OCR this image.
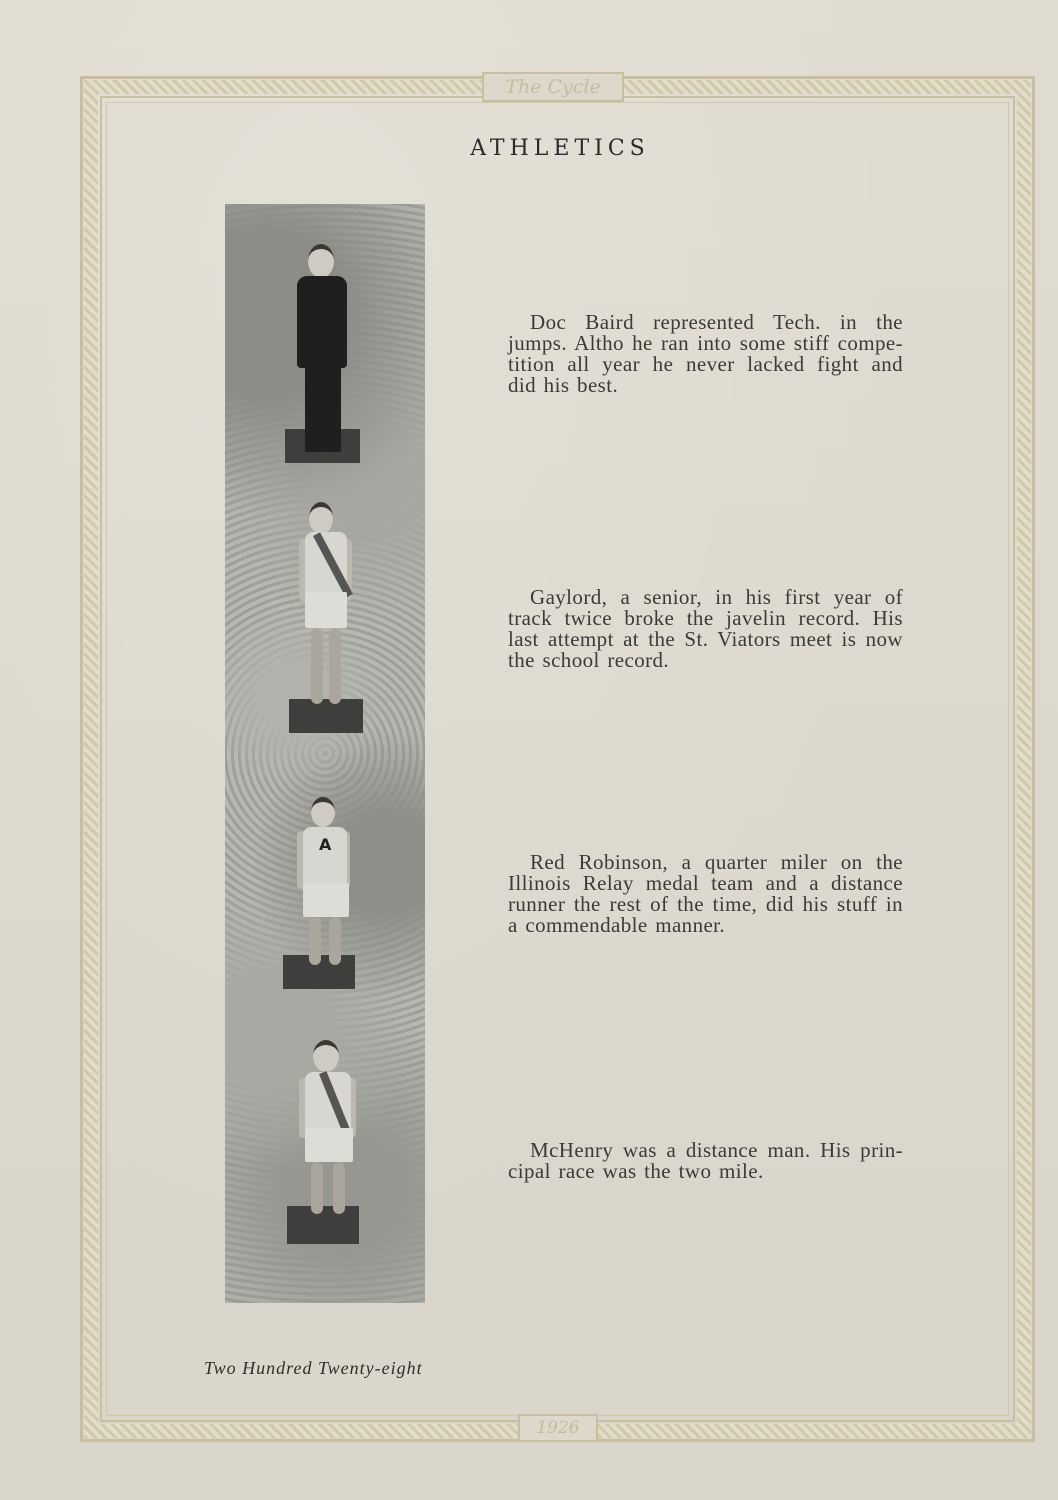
The Cycle
ATHLETICS
A

Doc Baird represented Tech. in the jumps. Altho he ran into some stiff compe-tition all year he never lacked fight and did his best.

Gaylord, a senior, in his first year of track twice broke the javelin record. His last attempt at the St. Viators meet is now the school record.

Red Robinson, a quarter miler on the Illinois Relay medal team and a distance runner the rest of the time, did his stuff in a commendable manner.

McHenry was a distance man. His prin-cipal race was the two mile.

Two Hundred Twenty-eight
1926
